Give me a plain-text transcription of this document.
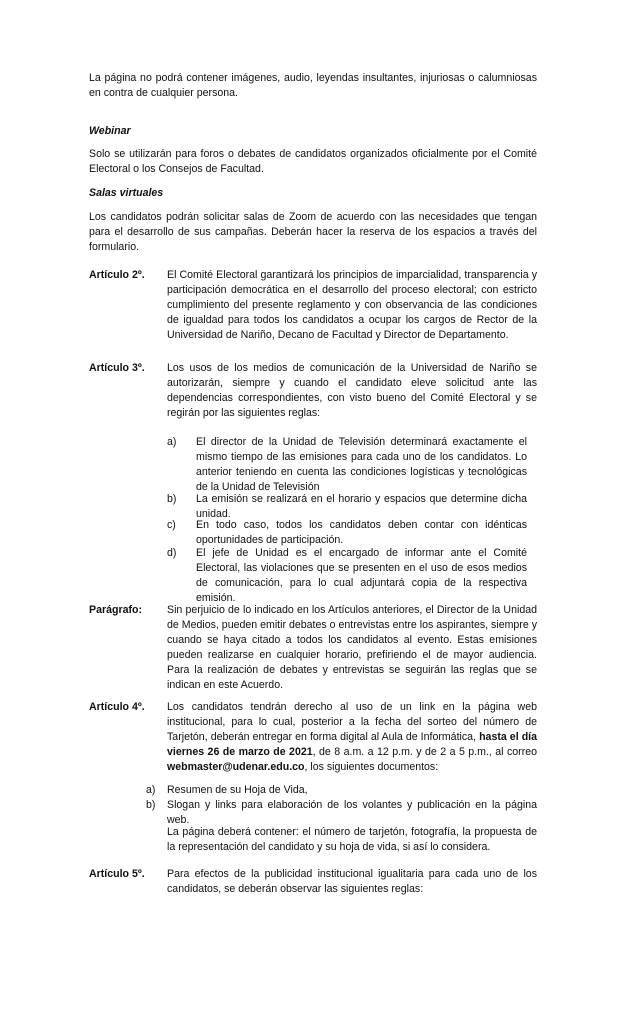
La página no podrá contener imágenes, audio, leyendas insultantes, injuriosas o calumniosas en contra de cualquier persona.

Webinar

Solo se utilizarán para foros o debates de candidatos organizados oficialmente por el Comité Electoral o los Consejos de Facultad.

Salas virtuales

Los candidatos podrán solicitar salas de Zoom de acuerdo con las necesidades que tengan para el desarrollo de sus campañas. Deberán hacer la reserva de los espacios a través del formulario.

Artículo 2º. El Comité Electoral garantizará los principios de imparcialidad, transparencia y participación democrática en el desarrollo del proceso electoral; con estricto cumplimiento del presente reglamento y con observancia de las condiciones de igualdad para todos los candidatos a ocupar los cargos de Rector de la Universidad de Nariño, Decano de Facultad y Director de Departamento.

Artículo 3º. Los usos de los medios de comunicación de la Universidad de Nariño se autorizarán, siempre y cuando el candidato eleve solicitud ante las dependencias correspondientes, con visto bueno del Comité Electoral y se regirán por las siguientes reglas:

a) El director de la Unidad de Televisión determinará exactamente el mismo tiempo de las emisiones para cada uno de los candidatos. Lo anterior teniendo en cuenta las condiciones logísticas y tecnológicas de la Unidad de Televisión

b) La emisión se realizará en el horario y espacios que determine dicha unidad.

c) En todo caso, todos los candidatos deben contar con idénticas oportunidades de participación.

d) El jefe de Unidad es el encargado de informar ante el Comité Electoral, las violaciones que se presenten en el uso de esos medios de comunicación, para lo cual adjuntará copia de la respectiva emisión.

Parágrafo: Sin perjuicio de lo indicado en los Artículos anteriores, el Director de la Unidad de Medios, pueden emitir debates o entrevistas entre los aspirantes, siempre y cuando se haya citado a todos los candidatos al evento. Estas emisiones pueden realizarse en cualquier horario, prefiriendo el de mayor audiencia. Para la realización de debates y entrevistas se seguirán las reglas que se indican en este Acuerdo.

Artículo 4º. Los candidatos tendrán derecho al uso de un link en la página web institucional, para lo cual, posterior a la fecha del sorteo del número de Tarjetón, deberán entregar en forma digital al Aula de Informática, hasta el día viernes 26 de marzo de 2021, de 8 a.m. a 12 p.m. y de 2 a 5 p.m., al correo webmaster@udenar.edu.co, los siguientes documentos:

a) Resumen de su Hoja de Vida,

b) Slogan y links para elaboración de los volantes y publicación en la página web.

La página deberá contener: el número de tarjetón, fotografía, la propuesta de la representación del candidato y su hoja de vida, si así lo considera.

Artículo 5º. Para efectos de la publicidad institucional igualitaria para cada uno de los candidatos, se deberán observar las siguientes reglas:
